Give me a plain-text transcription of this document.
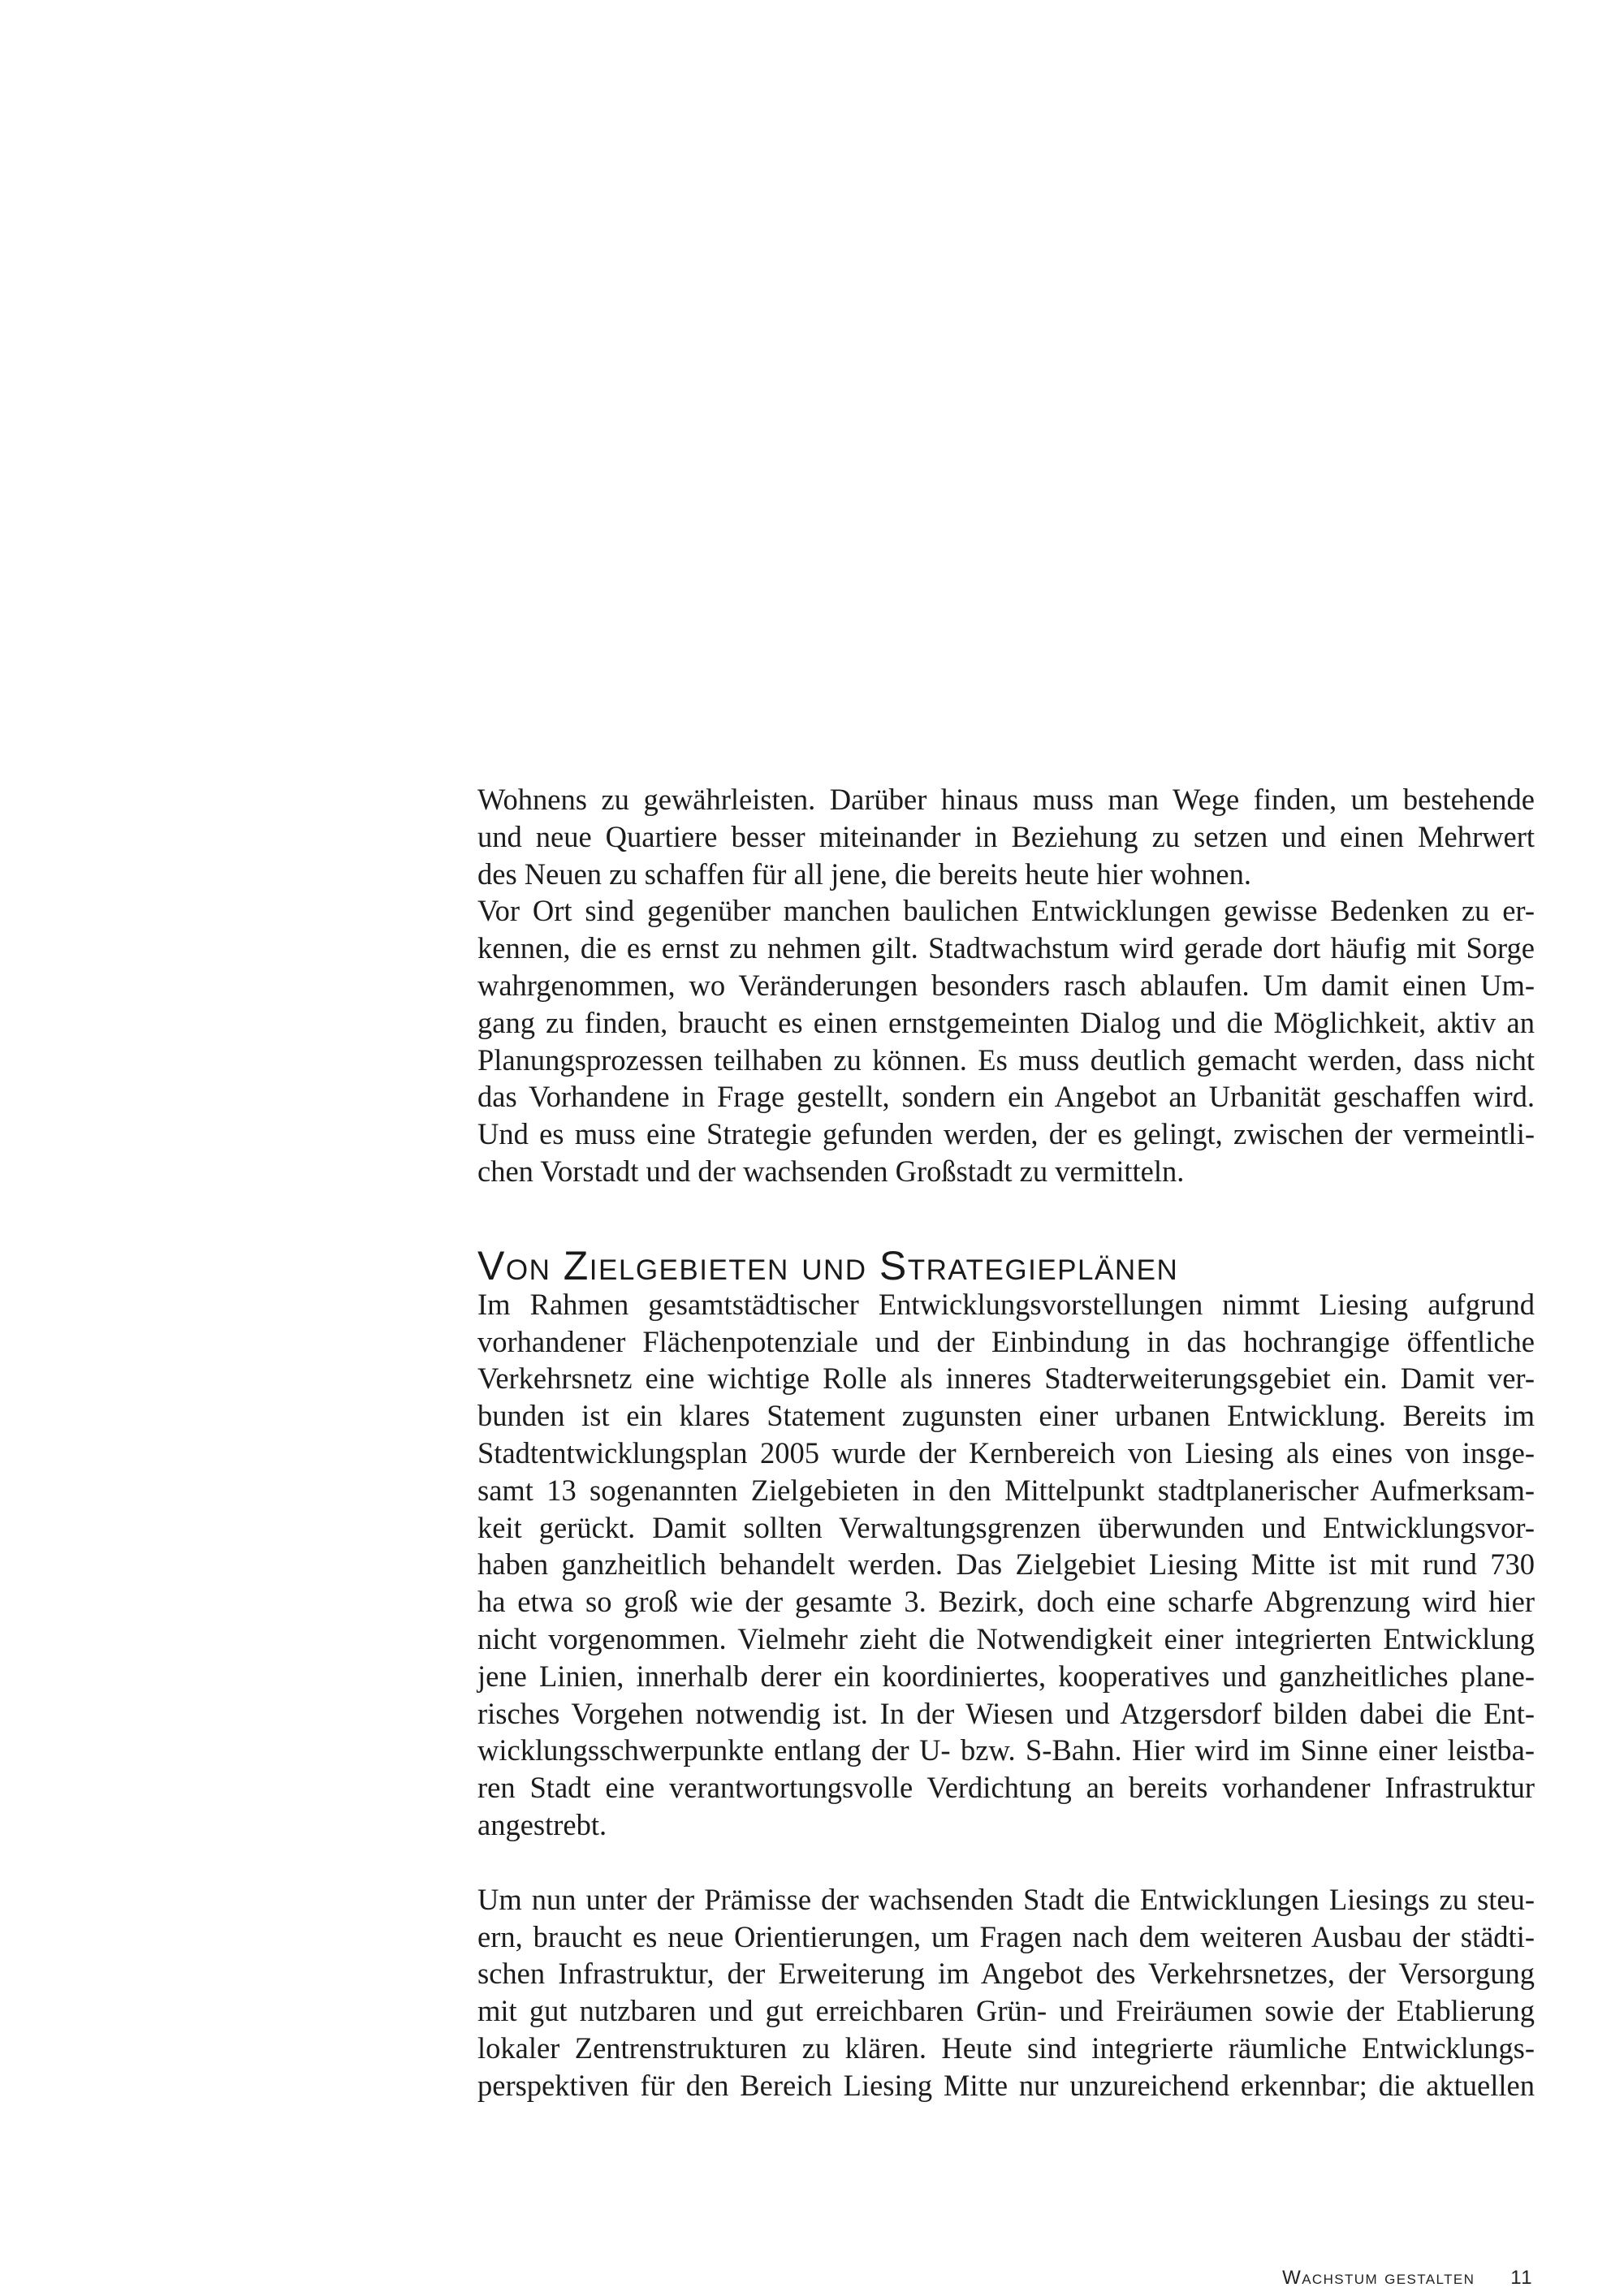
Wohnens zu gewährleisten. Darüber hinaus muss man Wege finden, um bestehende
und neue Quartiere besser miteinander in Beziehung zu setzen und einen Mehrwert
des Neuen zu schaffen für all jene, die bereits heute hier wohnen.
Vor Ort sind gegenüber manchen baulichen Entwicklungen gewisse Bedenken zu er-
kennen, die es ernst zu nehmen gilt. Stadtwachstum wird gerade dort häufig mit Sorge
wahrgenommen, wo Veränderungen besonders rasch ablaufen. Um damit einen Um-
gang zu finden, braucht es einen ernstgemeinten Dialog und die Möglichkeit, aktiv an
Planungsprozessen teilhaben zu können. Es muss deutlich gemacht werden, dass nicht
das Vorhandene in Frage gestellt, sondern ein Angebot an Urbanität geschaffen wird.
Und es muss eine Strategie gefunden werden, der es gelingt, zwischen der vermeintli-
chen Vorstadt und der wachsenden Großstadt zu vermitteln.

Von Zielgebieten und Strategieplänen

Im Rahmen gesamtstädtischer Entwicklungsvorstellungen nimmt Liesing aufgrund
vorhandener Flächenpotenziale und der Einbindung in das hochrangige öffentliche
Verkehrsnetz eine wichtige Rolle als inneres Stadterweiterungsgebiet ein. Damit ver-
bunden ist ein klares Statement zugunsten einer urbanen Entwicklung. Bereits im
Stadtentwicklungsplan 2005 wurde der Kernbereich von Liesing als eines von insge-
samt 13 sogenannten Zielgebieten in den Mittelpunkt stadtplanerischer Aufmerksam-
keit gerückt. Damit sollten Verwaltungsgrenzen überwunden und Entwicklungsvor-
haben ganzheitlich behandelt werden. Das Zielgebiet Liesing Mitte ist mit rund 730
ha etwa so groß wie der gesamte 3. Bezirk, doch eine scharfe Abgrenzung wird hier
nicht vorgenommen. Vielmehr zieht die Notwendigkeit einer integrierten Entwicklung
jene Linien, innerhalb derer ein koordiniertes, kooperatives und ganzheitliches plane-
risches Vorgehen notwendig ist. In der Wiesen und Atzgersdorf bilden dabei die Ent-
wicklungsschwerpunkte entlang der U- bzw. S-Bahn. Hier wird im Sinne einer leistba-
ren Stadt eine verantwortungsvolle Verdichtung an bereits vorhandener Infrastruktur
angestrebt.

Um nun unter der Prämisse der wachsenden Stadt die Entwicklungen Liesings zu steu-
ern, braucht es neue Orientierungen, um Fragen nach dem weiteren Ausbau der städti-
schen Infrastruktur, der Erweiterung im Angebot des Verkehrsnetzes, der Versorgung
mit gut nutzbaren und gut erreichbaren Grün- und Freiräumen sowie der Etablierung
lokaler Zentrenstrukturen zu klären. Heute sind integrierte räumliche Entwicklungs-
perspektiven für den Bereich Liesing Mitte nur unzureichend erkennbar; die aktuellen

Wachstum gestalten 11
